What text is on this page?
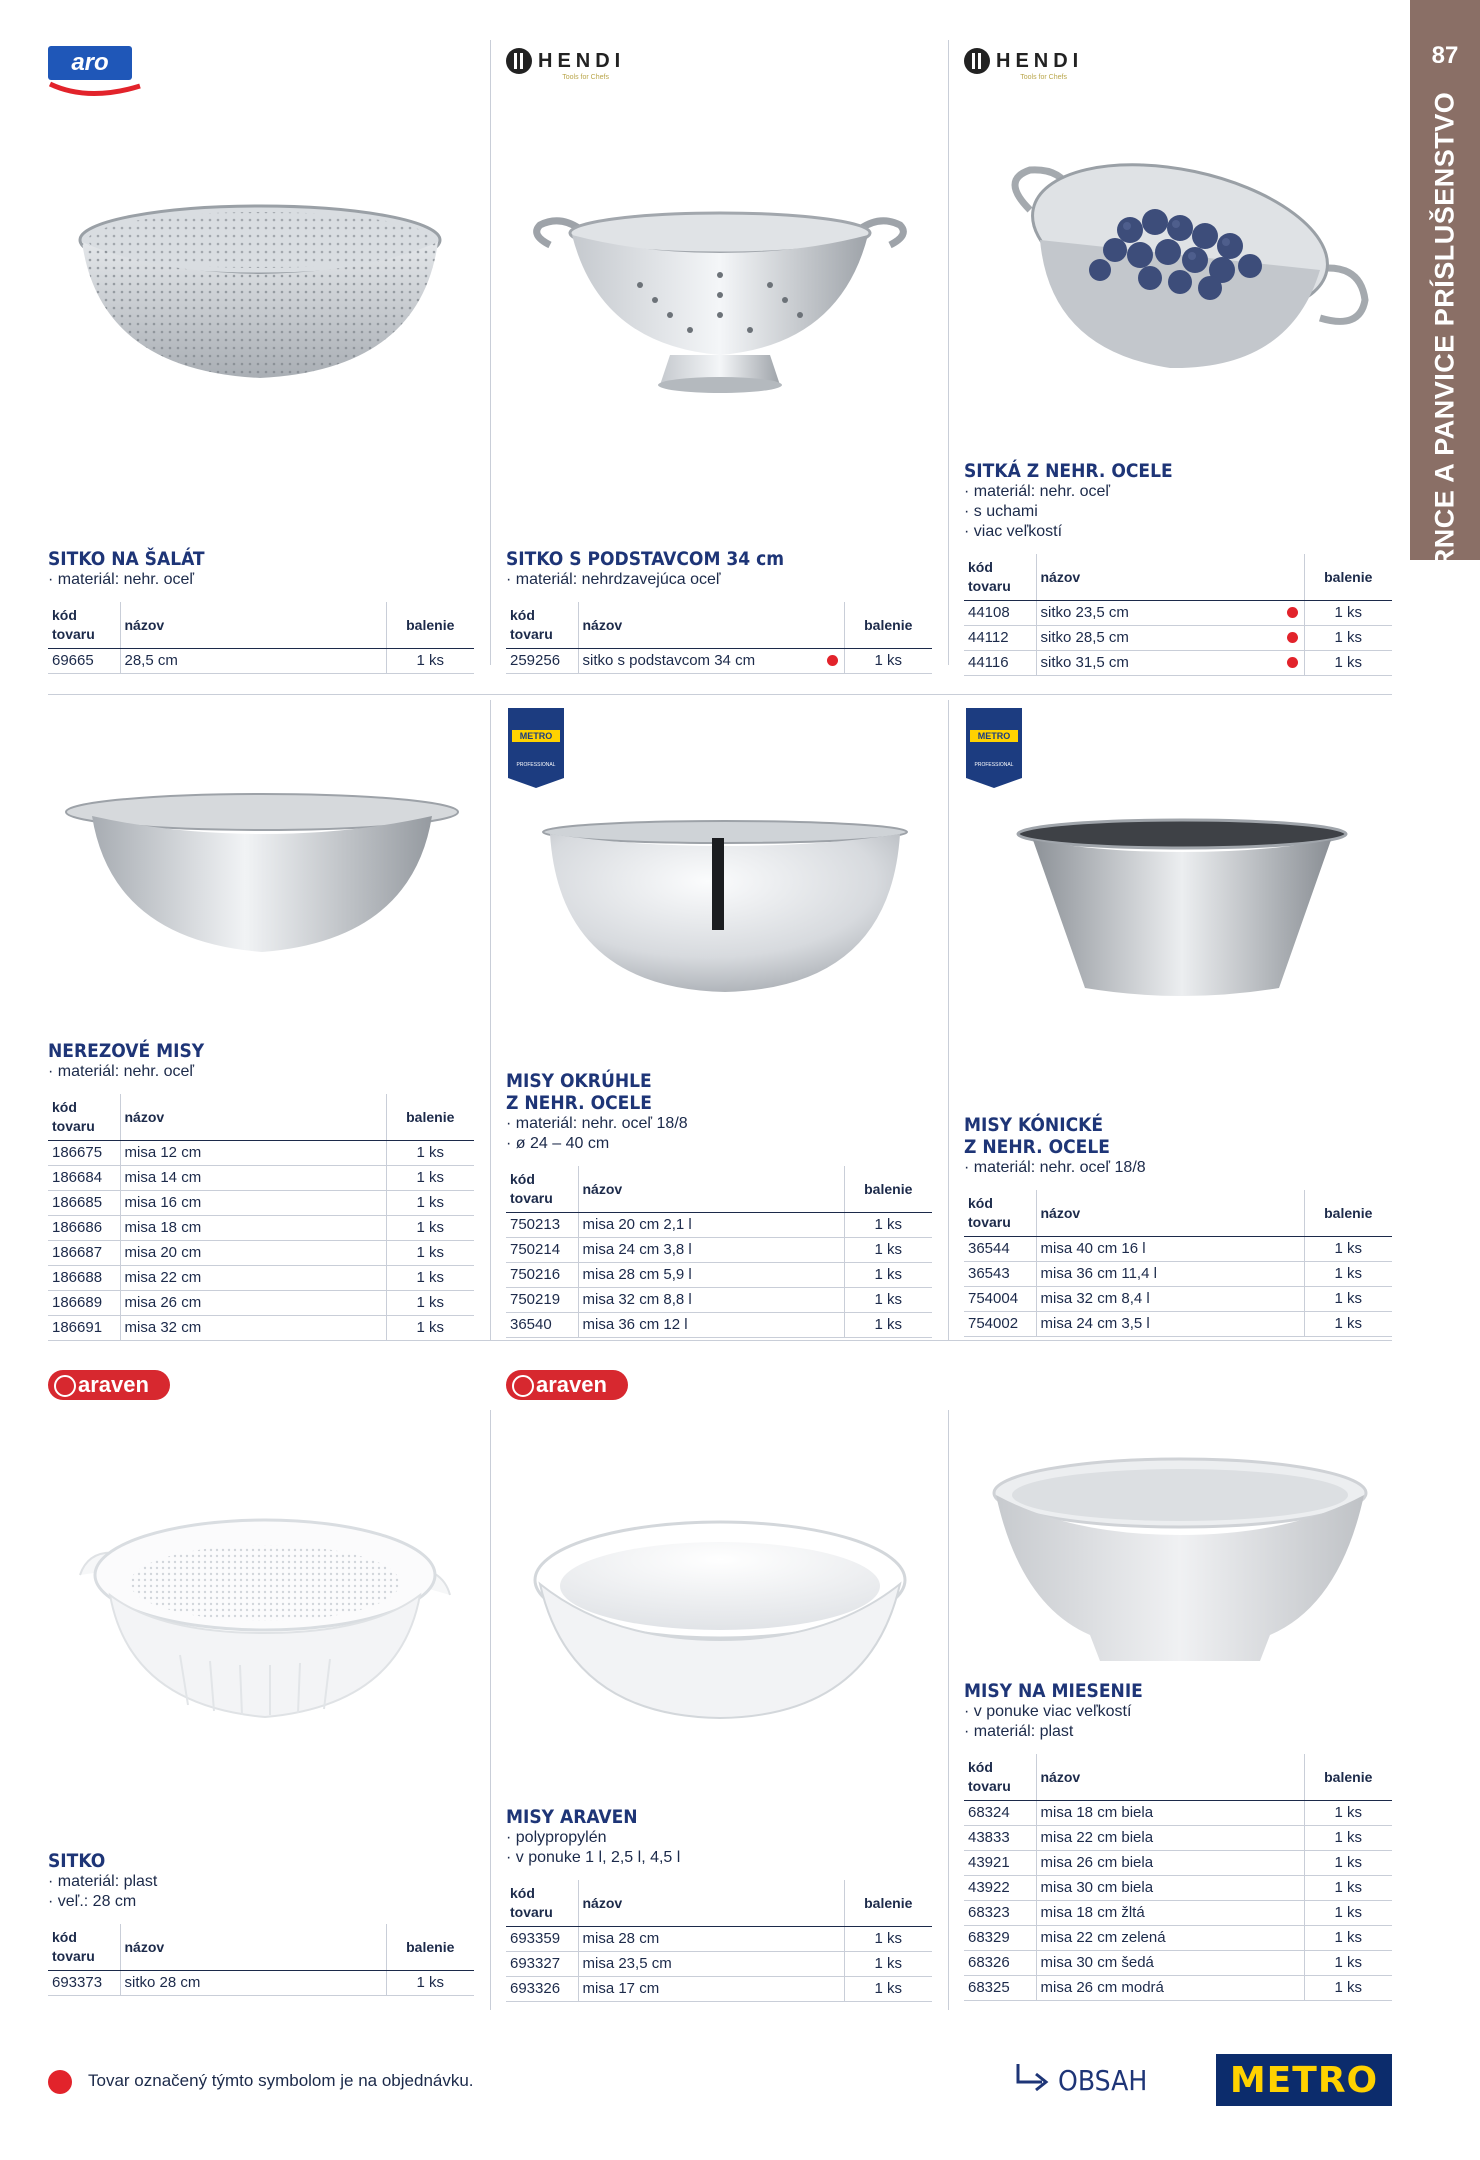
87
HRNCE A PANVICE PRÍSLUŠENSTVO
aro	HENDI
Tools for Chefs
HENDI
Tools for Chefs
SITKO NA ŠALÁT
· materiál: nehr. oceľ
kód tovaru	názov	balenie
69665	28,5 cm	1 ks
SITKO S PODSTAVCOM 34 cm
· materiál: nehrdzavejúca oceľ
kód tovaru	názov	balenie
259256	sitko s podstavcom 34 cm	1 ks
SITKÁ Z NEHR. OCELE
· materiál: nehr. oceľ
· s uchami
· viac veľkostí
kód tovaru	názov	balenie
44108	sitko 23,5 cm	1 ks
44112	sitko 28,5 cm	1 ks
44116	sitko 31,5 cm	1 ks
METRO
PROFESSIONAL
METRO
PROFESSIONAL
NEREZOVÉ MISY
· materiál: nehr. oceľ
kód tovaru	názov	balenie
186675	misa 12 cm	1 ks
186684	misa 14 cm	1 ks
186685	misa 16 cm	1 ks
186686	misa 18 cm	1 ks
186687	misa 20 cm	1 ks
186688	misa 22 cm	1 ks
186689	misa 26 cm	1 ks
186691	misa 32 cm	1 ks
MISY OKRÚHLE
Z NEHR. OCELE
· materiál: nehr. oceľ 18/8
· ø 24 – 40 cm
kód tovaru	názov	balenie
750213	misa 20 cm 2,1 l	1 ks
750214	misa 24 cm 3,8 l	1 ks
750216	misa 28 cm 5,9 l	1 ks
750219	misa 32 cm 8,8 l	1 ks
36540	misa 36 cm 12 l	1 ks
MISY KÓNICKÉ
Z NEHR. OCELE
· materiál: nehr. oceľ 18/8
kód tovaru	názov	balenie
36544	misa 40 cm 16 l	1 ks
36543	misa 36 cm 11,4 l	1 ks
754004	misa 32 cm 8,4 l	1 ks
754002	misa 24 cm 3,5 l	1 ks
araven	araven
SITKO
· materiál: plast
· veľ.: 28 cm
kód tovaru	názov	balenie
693373	sitko 28 cm	1 ks
MISY ARAVEN
· polypropylén
· v ponuke 1 l, 2,5 l, 4,5 l
kód tovaru	názov	balenie
693359	misa 28 cm	1 ks
693327	misa 23,5 cm	1 ks
693326	misa 17 cm	1 ks
MISY NA MIESENIE
· v ponuke viac veľkostí
· materiál: plast
kód tovaru	názov	balenie
68324	misa 18 cm biela	1 ks
43833	misa 22 cm biela	1 ks
43921	misa 26 cm biela	1 ks
43922	misa 30 cm biela	1 ks
68323	misa 18 cm žltá	1 ks
68329	misa 22 cm zelená	1 ks
68326	misa 30 cm šedá	1 ks
68325	misa 26 cm modrá	1 ks
Tovar označený týmto symbolom je na objednávku.	OBSAH METRO
